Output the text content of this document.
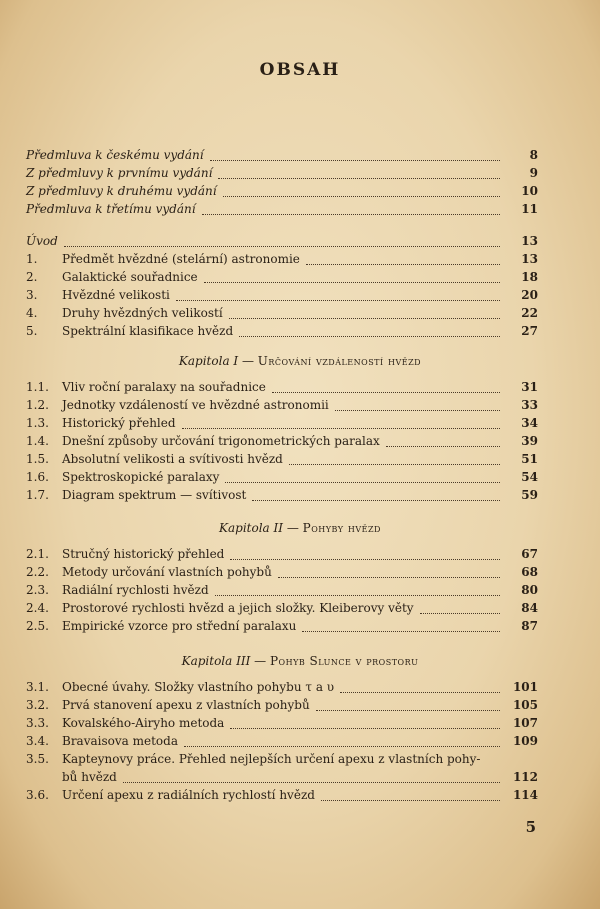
OBSAH
Předmluva k českému vydání	8
Z předmluvy k prvnímu vydání	9
Z předmluvy k druhému vydání	10
Předmluva k třetímu vydání	11
Úvod	13
1.	Předmět hvězdné (stelární) astronomie	13
2.	Galaktické souřadnice	18
3.	Hvězdné velikosti	20
4.	Druhy hvězdných velikostí	22
5.	Spektrální klasifikace hvězd	27
Kapitola I — Určování vzdáleností hvězd
1.1.	Vliv roční paralaxy na souřadnice	31
1.2.	Jednotky vzdáleností ve hvězdné astronomii	33
1.3.	Historický přehled	34
1.4.	Dnešní způsoby určování trigonometrických paralax	39
1.5.	Absolutní velikosti a svítivosti hvězd	51
1.6.	Spektroskopické paralaxy	54
1.7.	Diagram spektrum — svítivost	59
Kapitola II — Pohyby hvězd
2.1.	Stručný historický přehled	67
2.2.	Metody určování vlastních pohybů	68
2.3.	Radiální rychlosti hvězd	80
2.4.	Prostorové rychlosti hvězd a jejich složky. Kleiberovy věty	84
2.5.	Empirické vzorce pro střední paralaxu	87
Kapitola III — Pohyb Slunce v prostoru
3.1.	Obecné úvahy. Složky vlastního pohybu τ a υ	101
3.2.	Prvá stanovení apexu z vlastních pohybů	105
3.3.	Kovalského-Airyho metoda	107
3.4.	Bravaisova metoda	109
3.5.	Kapteynovy práce. Přehled nejlepších určení apexu z vlastních pohy-
bů hvězd	112
3.6.	Určení apexu z radiálních rychlostí hvězd	114
5
